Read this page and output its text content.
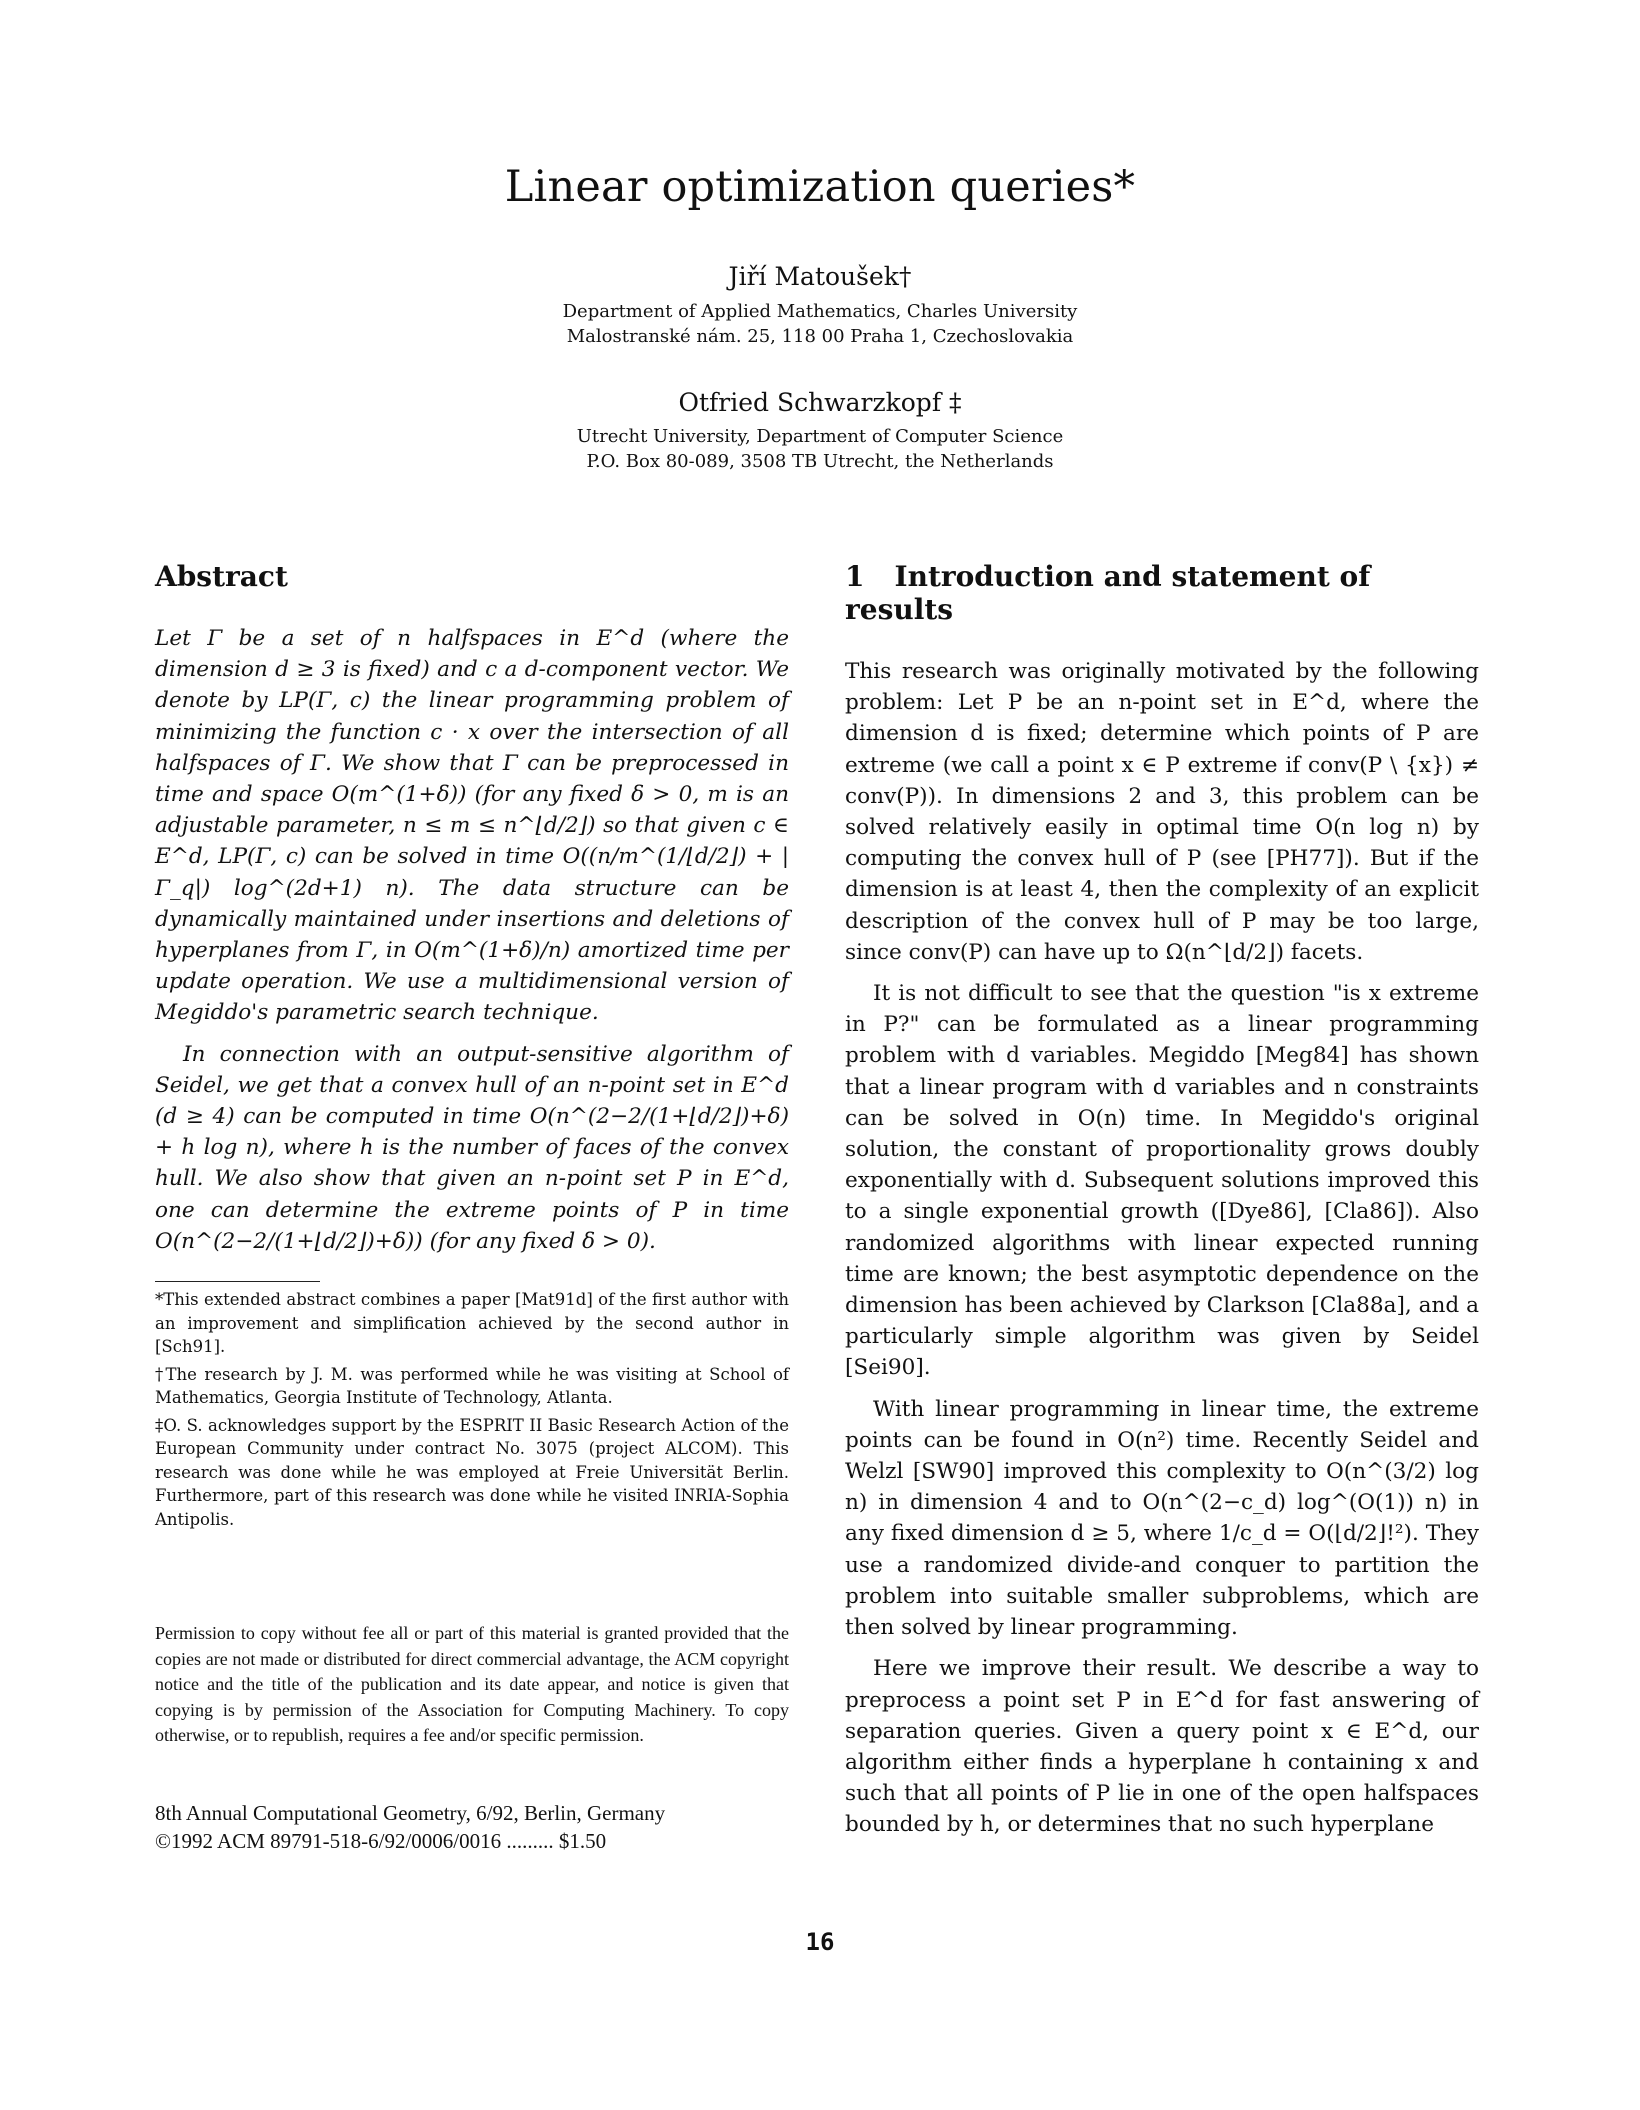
Linear optimization queries*
Jiří Matoušek†
Department of Applied Mathematics, Charles University
Malostranské nám. 25, 118 00 Praha 1, Czechoslovakia
Otfried Schwarzkopf ‡
Utrecht University, Department of Computer Science
P.O. Box 80-089, 3508 TB Utrecht, the Netherlands
Abstract

Let Γ be a set of n halfspaces in E^d (where the dimension d ≥ 3 is fixed) and c a d-component vector. We denote by LP(Γ, c) the linear programming problem of minimizing the function c · x over the intersection of all halfspaces of Γ. We show that Γ can be preprocessed in time and space O(m^(1+δ)) (for any fixed δ > 0, m is an adjustable parameter, n ≤ m ≤ n^⌊d/2⌋) so that given c ∈ E^d, LP(Γ, c) can be solved in time O((n/m^(1/⌊d/2⌋) + |Γ_q|) log^(2d+1) n). The data structure can be dynamically maintained under insertions and deletions of hyperplanes from Γ, in O(m^(1+δ)/n) amortized time per update operation. We use a multidimensional version of Megiddo's parametric search technique.

In connection with an output-sensitive algorithm of Seidel, we get that a convex hull of an n-point set in E^d (d ≥ 4) can be computed in time O(n^(2−2/(1+⌊d/2⌋)+δ) + h log n), where h is the number of faces of the convex hull. We also show that given an n-point set P in E^d, one can determine the extreme points of P in time O(n^(2−2/(1+⌊d/2⌋)+δ)) (for any fixed δ > 0).

*This extended abstract combines a paper [Mat91d] of the first author with an improvement and simplification achieved by the second author in [Sch91].
†The research by J. M. was performed while he was visiting at School of Mathematics, Georgia Institute of Technology, Atlanta.
‡O. S. acknowledges support by the ESPRIT II Basic Research Action of the European Community under contract No. 3075 (project ALCOM). This research was done while he was employed at Freie Universität Berlin. Furthermore, part of this research was done while he visited INRIA-Sophia Antipolis.
Permission to copy without fee all or part of this material is granted provided that the copies are not made or distributed for direct commercial advantage, the ACM copyright notice and the title of the publication and its date appear, and notice is given that copying is by permission of the Association for Computing Machinery. To copy otherwise, or to republish, requires a fee and/or specific permission.
8th Annual Computational Geometry, 6/92, Berlin, Germany
©1992 ACM 89791-518-6/92/0006/0016 ......... $1.50
1 Introduction and statement of results

This research was originally motivated by the following problem: Let P be an n-point set in E^d, where the dimension d is fixed; determine which points of P are extreme (we call a point x ∈ P extreme if conv(P \ {x}) ≠ conv(P)). In dimensions 2 and 3, this problem can be solved relatively easily in optimal time O(n log n) by computing the convex hull of P (see [PH77]). But if the dimension is at least 4, then the complexity of an explicit description of the convex hull of P may be too large, since conv(P) can have up to Ω(n^⌊d/2⌋) facets.

It is not difficult to see that the question "is x extreme in P?" can be formulated as a linear programming problem with d variables. Megiddo [Meg84] has shown that a linear program with d variables and n constraints can be solved in O(n) time. In Megiddo's original solution, the constant of proportionality grows doubly exponentially with d. Subsequent solutions improved this to a single exponential growth ([Dye86], [Cla86]). Also randomized algorithms with linear expected running time are known; the best asymptotic dependence on the dimension has been achieved by Clarkson [Cla88a], and a particularly simple algorithm was given by Seidel [Sei90].

With linear programming in linear time, the extreme points can be found in O(n²) time. Recently Seidel and Welzl [SW90] improved this complexity to O(n^(3/2) log n) in dimension 4 and to O(n^(2−c_d) log^(O(1)) n) in any fixed dimension d ≥ 5, where 1/c_d = O(⌊d/2⌋!²). They use a randomized divide-and conquer to partition the problem into suitable smaller subproblems, which are then solved by linear programming.

Here we improve their result. We describe a way to preprocess a point set P in E^d for fast answering of separation queries. Given a query point x ∈ E^d, our algorithm either finds a hyperplane h containing x and such that all points of P lie in one of the open halfspaces bounded by h, or determines that no such hyperplane

16
